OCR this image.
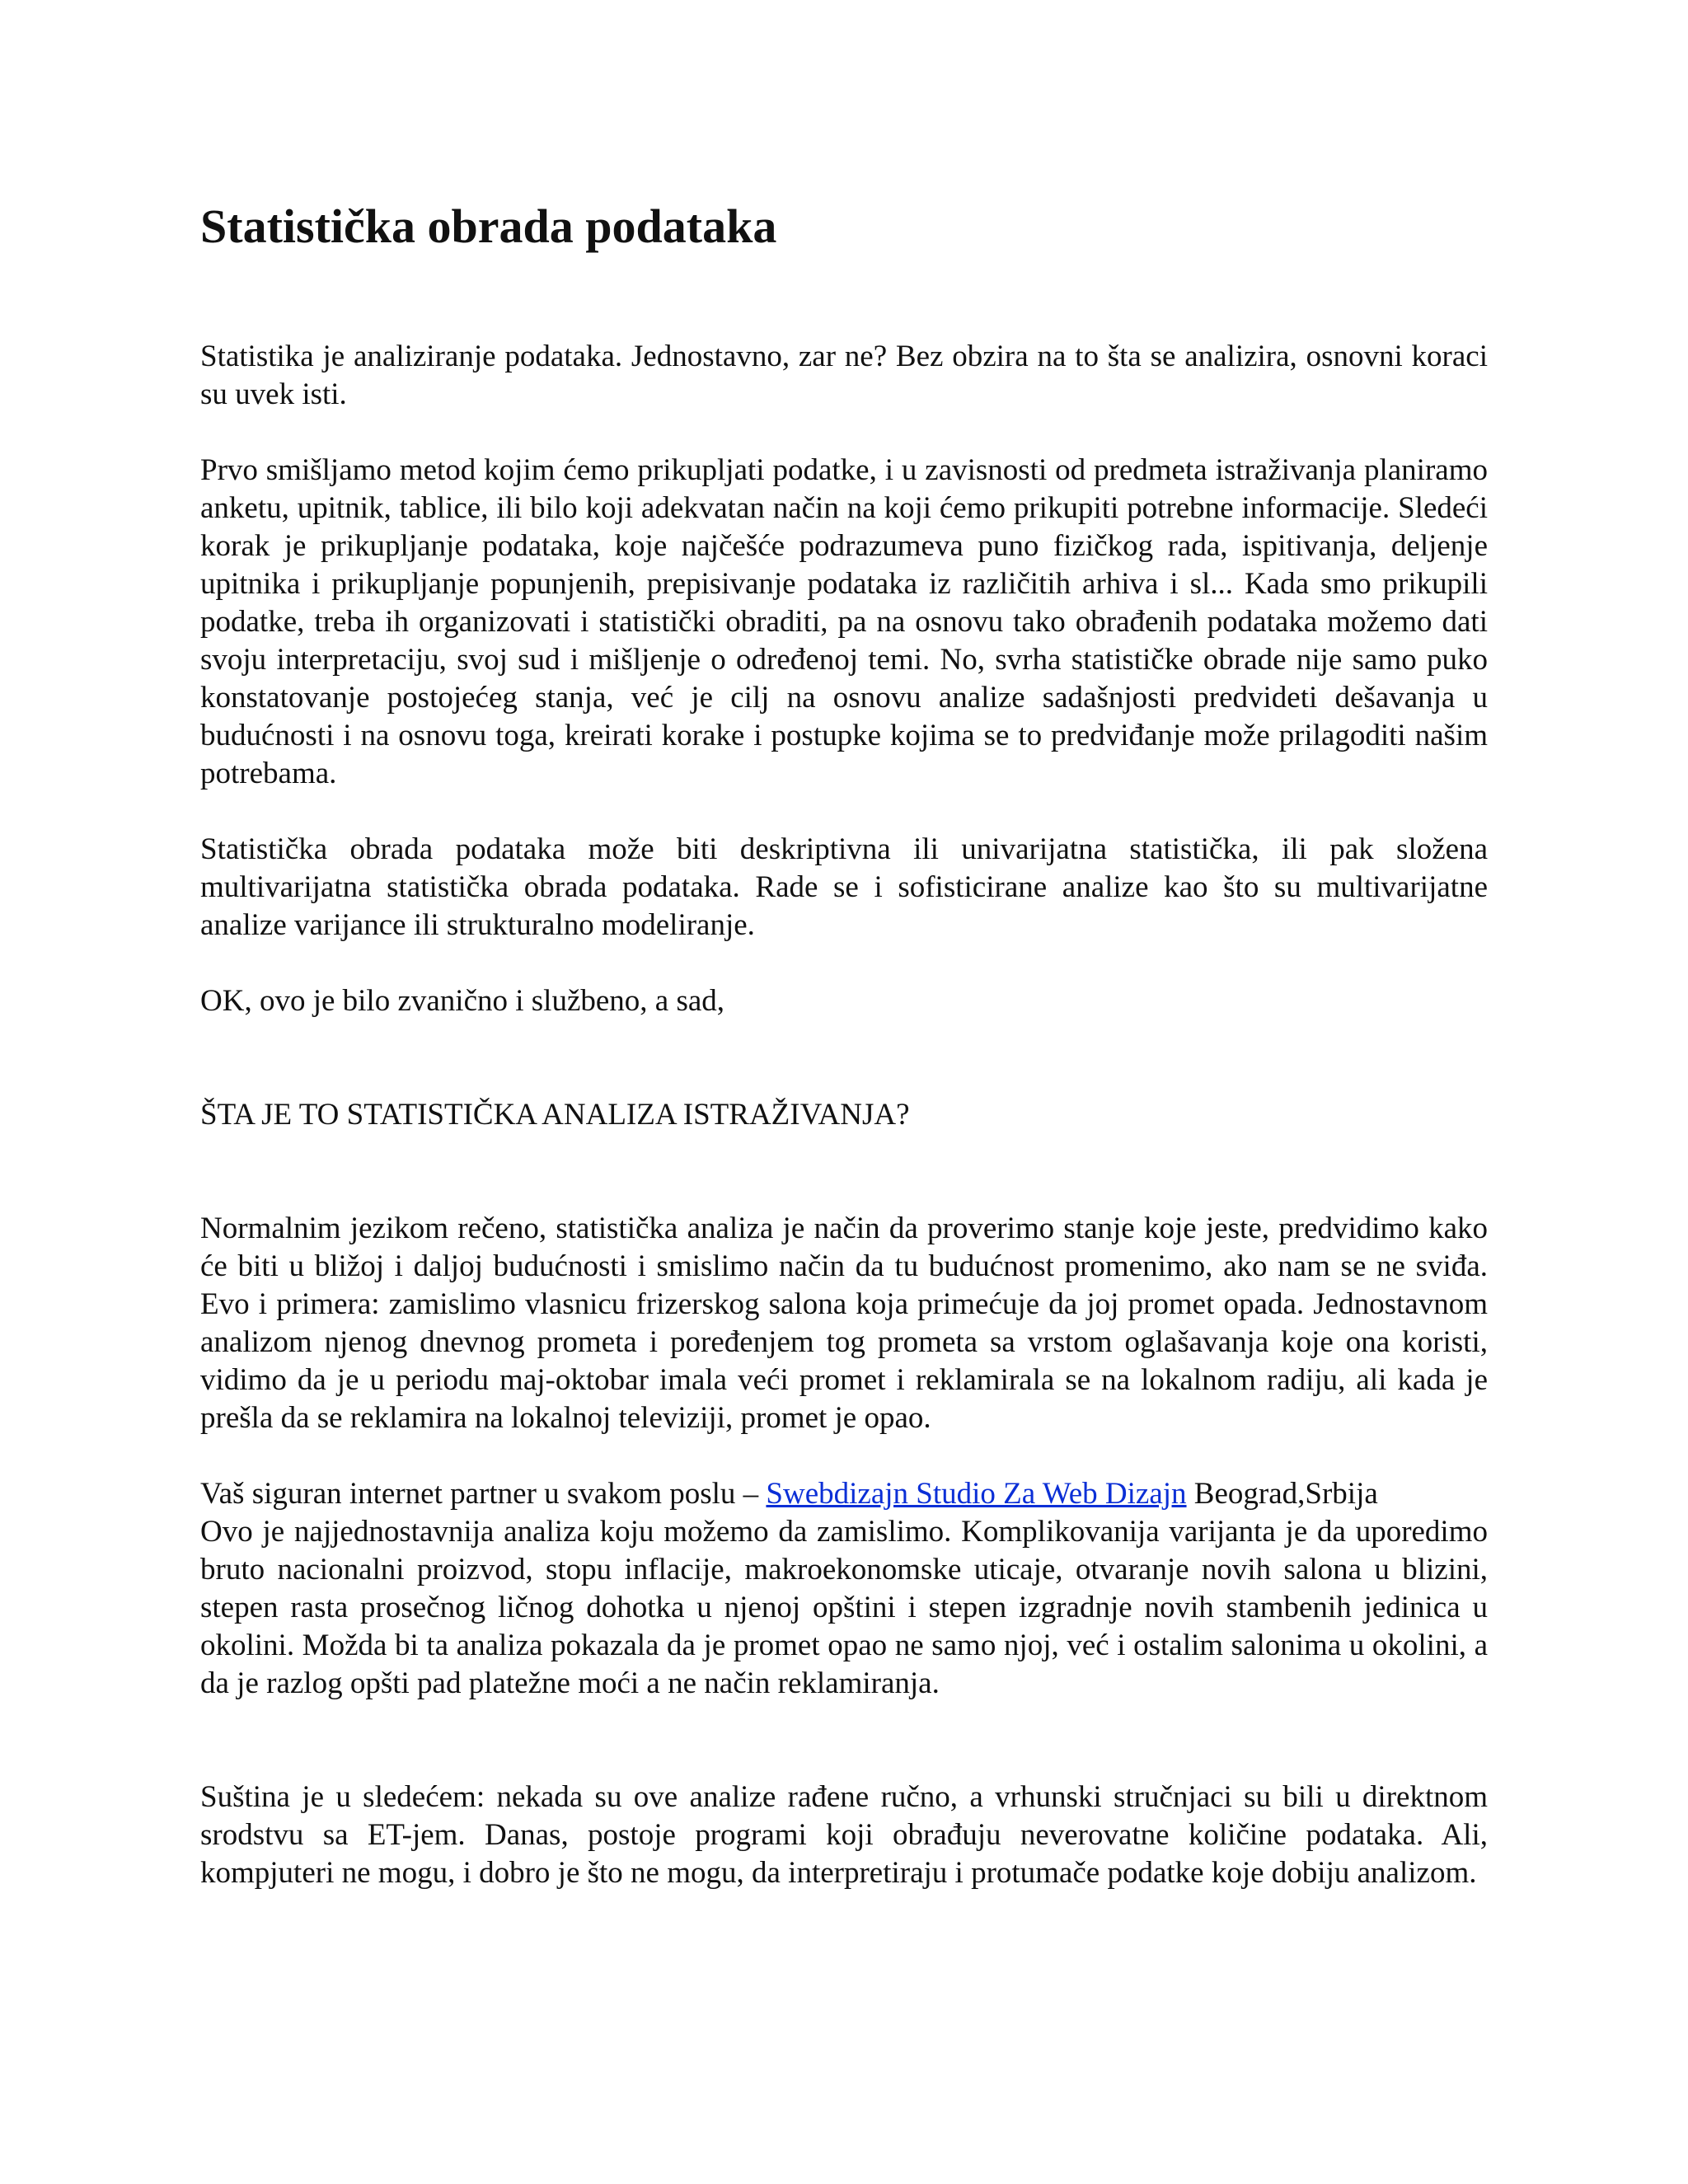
Statistička obrada podataka

Statistika je analiziranje podataka. Jednostavno, zar ne? Bez obzira na to šta se analizira, osnovni koraci su uvek isti.

Prvo smišljamo metod kojim ćemo prikupljati podatke, i u zavisnosti od predmeta istraživanja planiramo anketu, upitnik, tablice, ili bilo koji adekvatan način na koji ćemo prikupiti potrebne informacije. Sledeći korak je prikupljanje podataka, koje najčešće podrazumeva puno fizičkog rada, ispitivanja, deljenje upitnika i prikupljanje popunjenih, prepisivanje podataka iz različitih arhiva i sl... Kada smo prikupili podatke, treba ih organizovati i statistički obraditi, pa na osnovu tako obrađenih podataka možemo dati svoju interpretaciju, svoj sud i mišljenje o određenoj temi. No, svrha statističke obrade nije samo puko konstatovanje postojećeg stanja, već je cilj na osnovu analize sadašnjosti predvideti dešavanja u budućnosti i na osnovu toga, kreirati korake i postupke kojima se to predviđanje može prilagoditi našim potrebama.

Statistička obrada podataka može biti deskriptivna ili univarijatna statistička, ili pak složena multivarijatna statistička obrada podataka. Rade se i sofisticirane analize kao što su multivarijatne analize varijance ili strukturalno modeliranje.

OK, ovo je bilo zvanično i službeno, a sad,

ŠTA JE TO STATISTIČKA ANALIZA ISTRAŽIVANJA?

Normalnim jezikom rečeno, statistička analiza je način da proverimo stanje koje jeste, predvidimo kako će biti u bližoj i daljoj budućnosti i smislimo način da tu budućnost promenimo, ako nam se ne sviđa. Evo i primera: zamislimo vlasnicu frizerskog salona koja primećuje da joj promet opada. Jednostavnom analizom njenog dnevnog prometa i poređenjem tog prometa sa vrstom oglašavanja koje ona koristi, vidimo da je u periodu maj-oktobar imala veći promet i reklamirala se na lokalnom radiju, ali kada je prešla da se reklamira na lokalnoj televiziji, promet je opao.

Vaš siguran internet partner u svakom poslu – Swebdizajn Studio Za Web Dizajn Beograd,Srbija
Ovo je najjednostavnija analiza koju možemo da zamislimo. Komplikovanija varijanta je da uporedimo bruto nacionalni proizvod, stopu inflacije, makroekonomske uticaje, otvaranje novih salona u blizini, stepen rasta prosečnog ličnog dohotka u njenoj opštini i stepen izgradnje novih stambenih jedinica u okolini. Možda bi ta analiza pokazala da je promet opao ne samo njoj, već i ostalim salonima u okolini, a da je razlog opšti pad platežne moći a ne način reklamiranja.

Suština je u sledećem: nekada su ove analize rađene ručno, a vrhunski stručnjaci su bili u direktnom srodstvu sa ET-jem. Danas, postoje programi koji obrađuju neverovatne količine podataka. Ali, kompjuteri ne mogu, i dobro je što ne mogu, da interpretiraju i protumače podatke koje dobiju analizom.
